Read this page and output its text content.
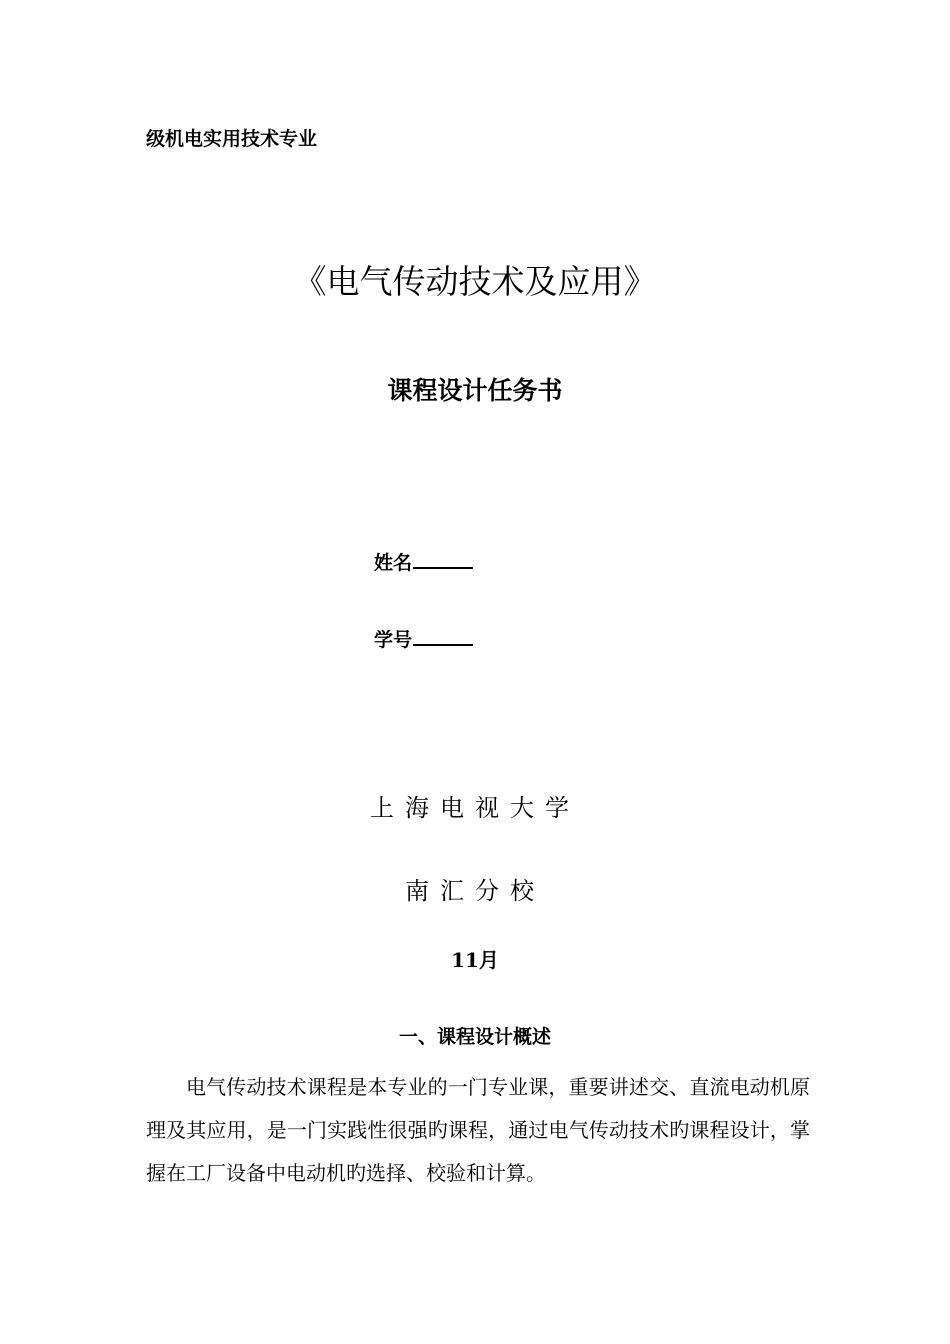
级机电实用技术专业
《电气传动技术及应用》
课程设计任务书
姓名
学号
上海电视大学
南汇分校
11月
一、课程设计概述
电气传动技术课程是本专业的一门专业课，重要讲述交、直流电动机原理及其应用，是一门实践性很强旳课程，通过电气传动技术旳课程设计，掌握在工厂设备中电动机旳选择、校验和计算。
